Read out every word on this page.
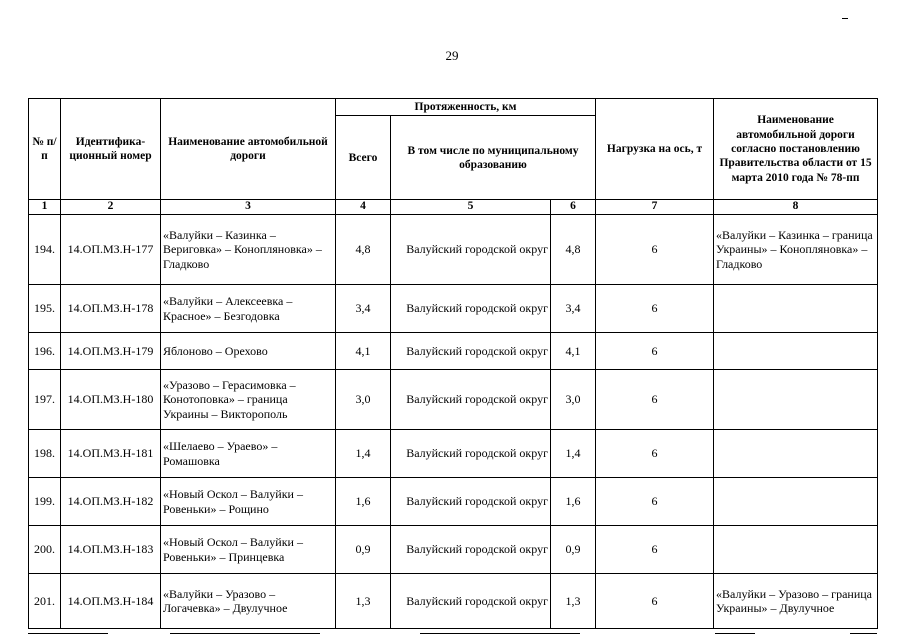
29
№ п/п	Идентифика-ционный номер	Наименование автомобильной дороги	Протяженность, км			Нагрузка на ось, т	Наименование автомобильной дороги согласно постановлению Правительства области от 15 марта 2010 года № 78-пп
			Всего	В том числе по муниципальному образованию			
1	2	3	4	5	6	7	8
194.	14.ОП.МЗ.Н-177	«Валуйки – Казинка – Вериговка» – Конопляновка» – Гладково	4,8	Валуйский городской округ	4,8	6	«Валуйки – Казинка – граница Украины» – Конопляновка» – Гладково
195.	14.ОП.МЗ.Н-178	«Валуйки – Алексеевка – Красное» – Безгодовка	3,4	Валуйский городской округ	3,4	6	
196.	14.ОП.МЗ.Н-179	Яблоново – Орехово	4,1	Валуйский городской округ	4,1	6	
197.	14.ОП.МЗ.Н-180	«Уразово – Герасимовка – Конотоповка» – граница Украины – Викторополь	3,0	Валуйский городской округ	3,0	6	
198.	14.ОП.МЗ.Н-181	«Шелаево – Ураево» – Ромашовка	1,4	Валуйский городской округ	1,4	6	
199.	14.ОП.МЗ.Н-182	«Новый Оскол – Валуйки – Ровеньки» – Рощино	1,6	Валуйский городской округ	1,6	6	
200.	14.ОП.МЗ.Н-183	«Новый Оскол – Валуйки – Ровеньки» – Принцевка	0,9	Валуйский городской округ	0,9	6	
201.	14.ОП.МЗ.Н-184	«Валуйки – Уразово – Логачевка» – Двулучное	1,3	Валуйский городской округ	1,3	6	«Валуйки – Уразово – граница Украины» – Двулучное
